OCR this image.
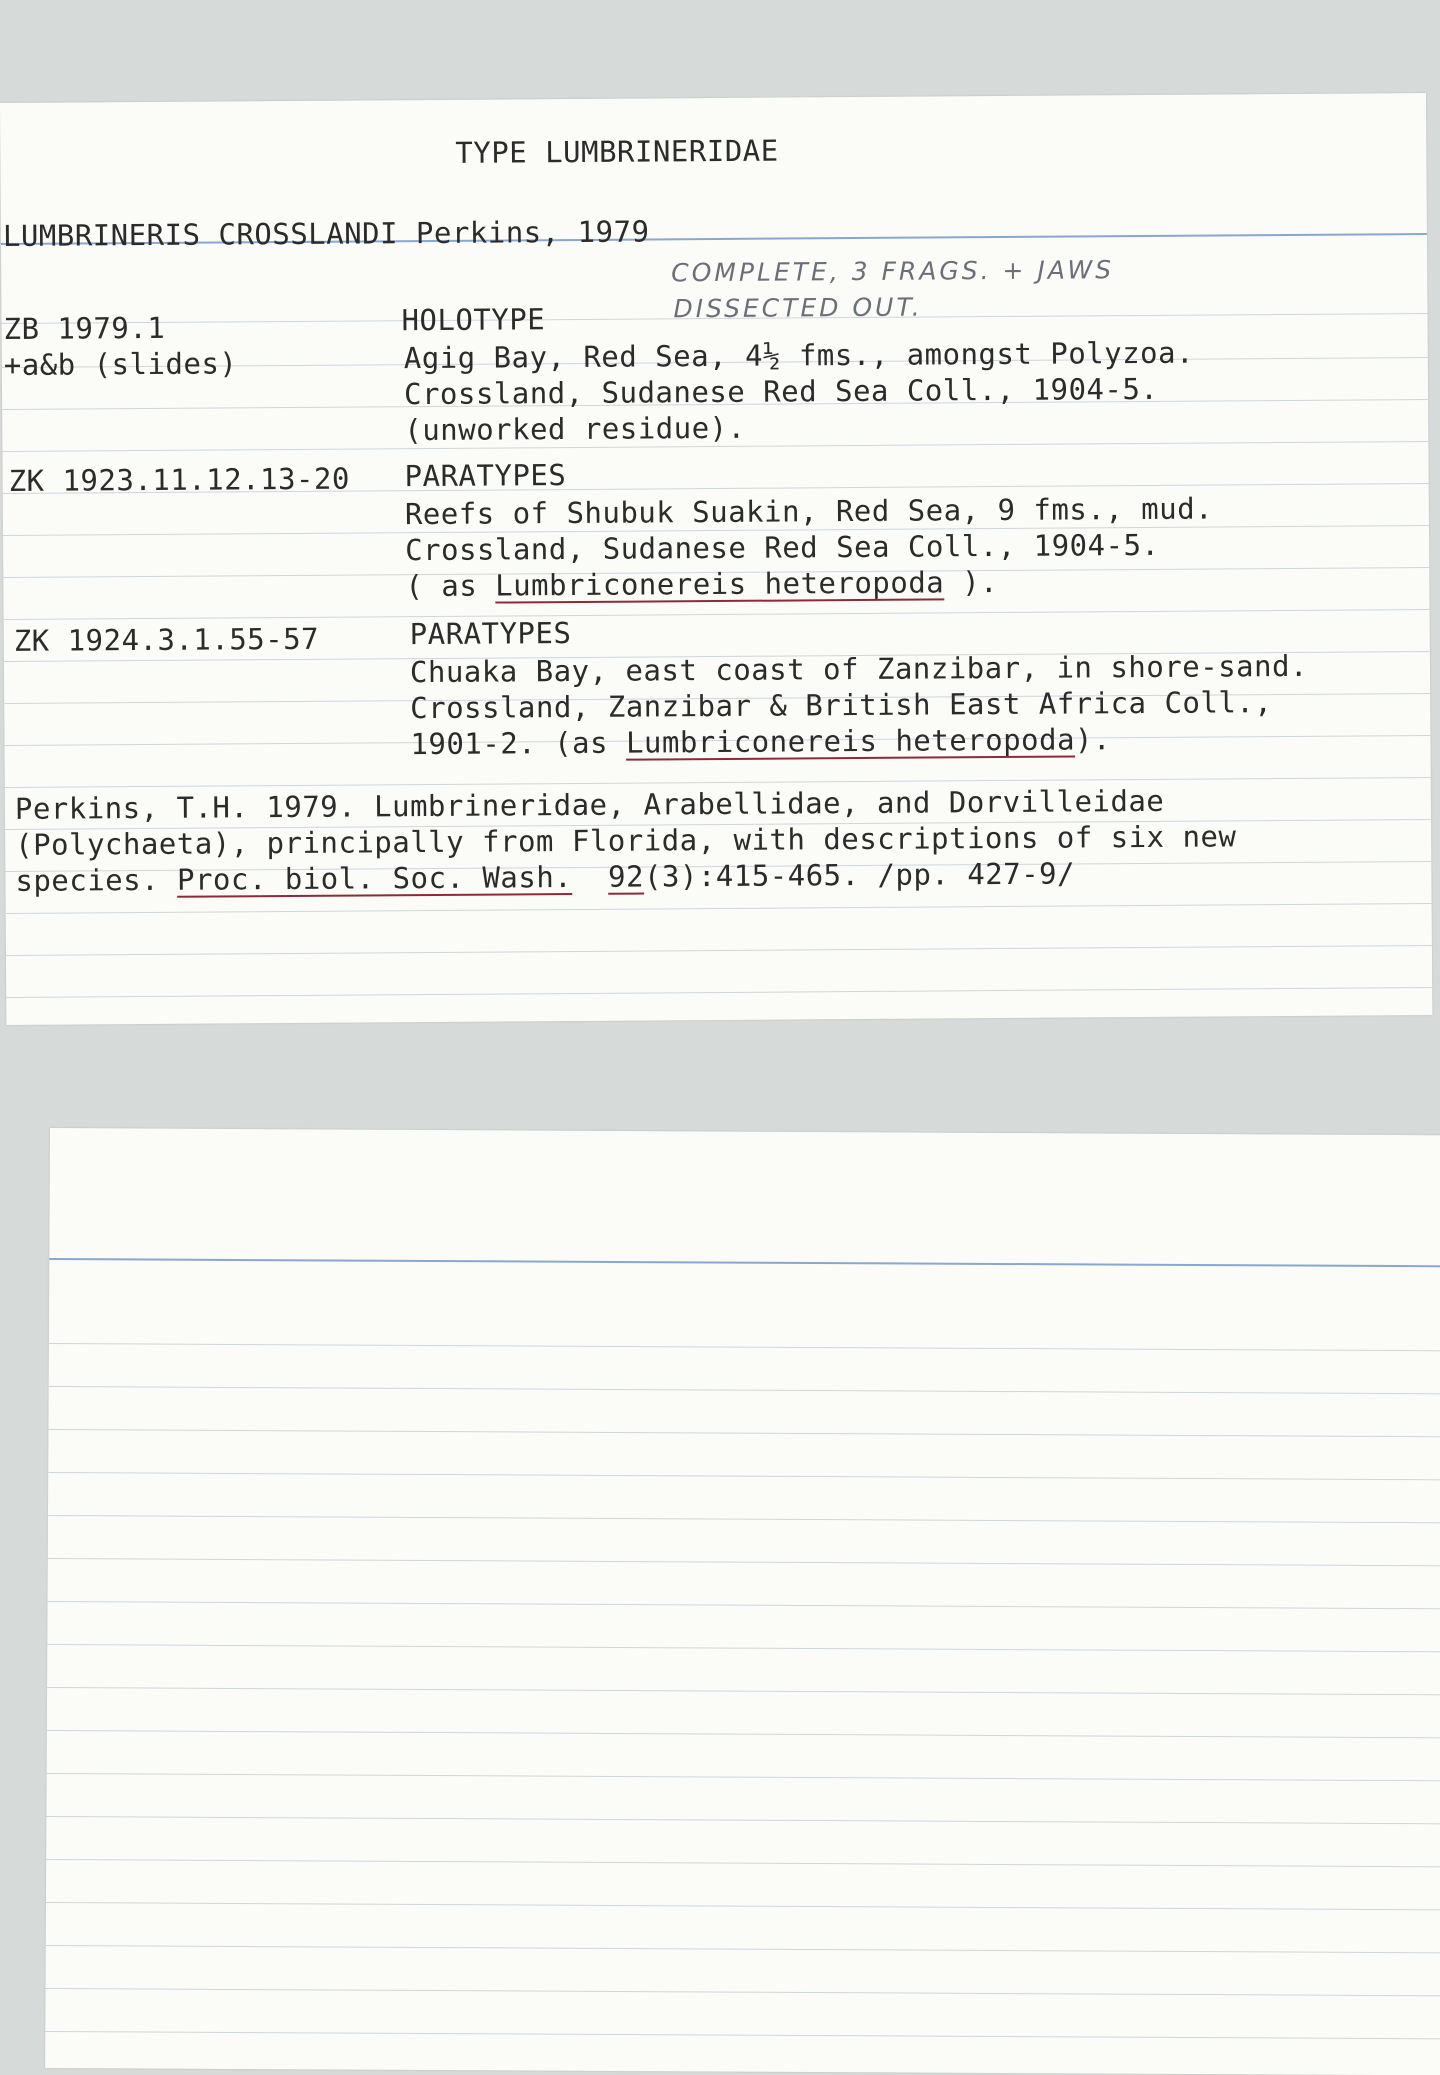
TYPE LUMBRINERIDAE
LUMBRINERIS CROSSLANDI Perkins, 1979
COMPLETE, 3 FRAGS. + JAWS
DISSECTED OUT.
ZB 1979.1
+a&b (slides)
HOLOTYPE
Agig Bay, Red Sea, 4½ fms., amongst Polyzoa.
Crossland, Sudanese Red Sea Coll., 1904-5.
(unworked residue).
ZK 1923.11.12.13-20 PARATYPES
Reefs of Shubuk Suakin, Red Sea, 9 fms., mud.
Crossland, Sudanese Red Sea Coll., 1904-5.
( as Lumbriconereis heteropoda ).
ZK 1924.3.1.55-57	PARATYPES
Chuaka Bay, east coast of Zanzibar, in shore-sand.
Crossland, Zanzibar & British East Africa Coll.,
1901-2. (as Lumbriconereis heteropoda).
Perkins, T.H. 1979. Lumbrineridae, Arabellidae, and Dorvilleidae
(Polychaeta), principally from Florida, with descriptions of six new
species. Proc. biol. Soc. Wash. 92(3):415-465. /pp. 427-9/
